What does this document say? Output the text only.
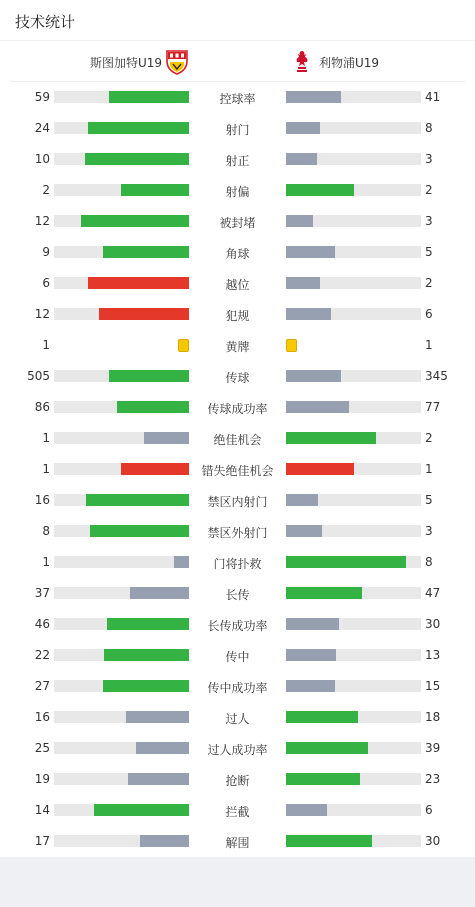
技术统计
斯图加特U19	利物浦U19
59	控球率	41
24	射门	8
10	射正	3
2	射偏	2
12	被封堵	3
9	角球	5
6	越位	2
12	犯规	6
1	黄牌	1
505	传球	345
86	传球成功率	77
1	绝佳机会	2
1	错失绝佳机会	1
16	禁区内射门	5
8	禁区外射门	3
1	门将扑救	8
37	长传	47
46	长传成功率	30
22	传中	13
27	传中成功率	15
16	过人	18
25	过人成功率	39
19	抢断	23
14	拦截	6
17	解围	30
